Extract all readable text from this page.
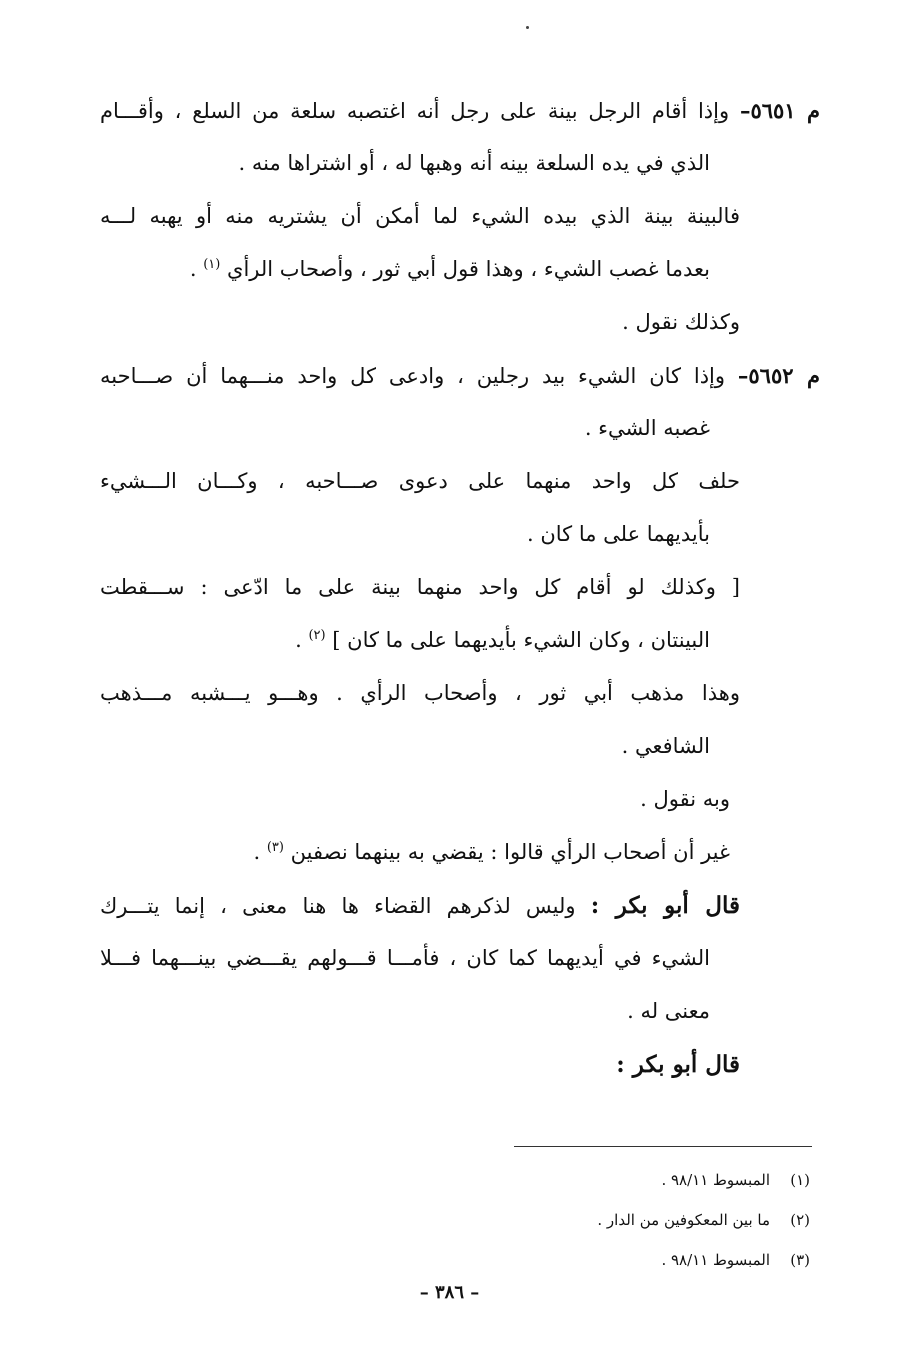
م ٥٦٥١– وإذا أقام الرجل بينة على رجل أنه اغتصبه سلعة من السلع ، وأقـــام
الذي في يده السلعة بينه أنه وهبها له ، أو اشتراها منه .
فالبينة بينة الذي بيده الشيء لما أمكن أن يشتريه منه أو يهبه لـــه
بعدما غصب الشيء ، وهذا قول أبي ثور ، وأصحاب الرأي $^{(١)}$ .
وكذلك نقول .
م ٥٦٥٢– وإذا كان الشيء بيد رجلين ، وادعى كل واحد منـــهما أن صـــاحبه
غصبه الشيء .
حلف كل واحد منهما على دعوى صـــاحبه ، وكـــان الـــشيء
بأيديهما على ما كان .
[ وكذلك لو أقام كل واحد منهما بينة على ما ادّعى : ســـقطت
البينتان ، وكان الشيء بأيديهما على ما كان ] $^{(٢)}$ .
وهذا مذهب أبي ثور ، وأصحاب الرأي . وهـــو يـــشبه مـــذهب
الشافعي .
وبه نقول .
غير أن أصحاب الرأي قالوا : يقضي به بينهما نصفين $^{(٣)}$ .
قال أبو بكر : وليس لذكرهم القضاء ها هنا معنى ، إنما يتـــرك
الشيء في أيديهما كما كان ، فأمـــا قـــولهم يقـــضي بينـــهما فـــلا
معنى له .
قال أبو بكر :
(١)المبسوط ٩٨/١١ .
(٢)ما بين المعكوفين من الدار .
(٣)المبسوط ٩٨/١١ .
– ٣٨٦ –
